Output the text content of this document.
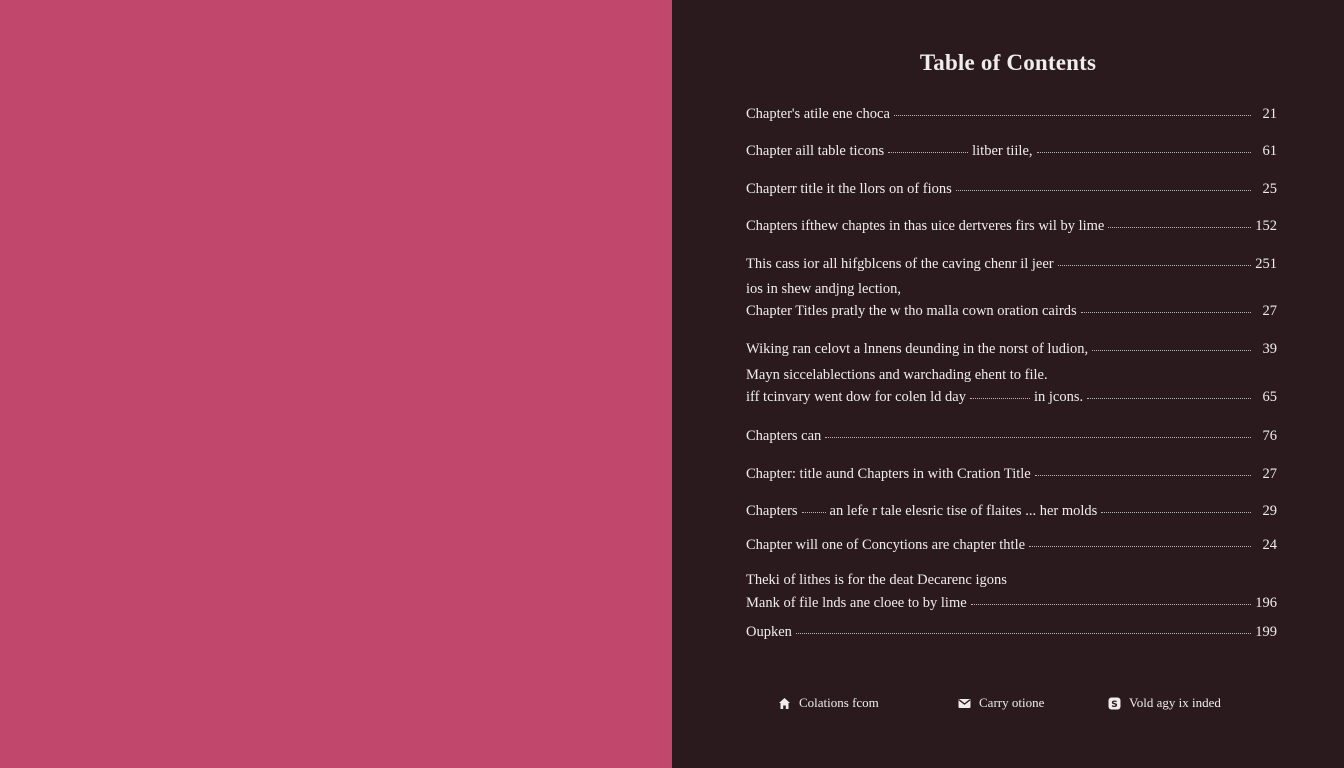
Table of Contents
Chapter's atile ene choca	21
Chapter aill table ticons	litber tiile,	61
Chapterr title it the llors on of fions	25
Chapters ifthew chaptes in thas uice dertveres firs wil by lime	152
This cass ior all hifgblcens of the caving chenr il jeer	251
ios in shew andjng lection,
Chapter Titles pratly the w tho malla cown oration cairds	27
Wiking ran celovt a lnnens deunding in the norst of ludion,	39
Mayn siccelablections and warchading ehent to file.
iff tcinvary went dow for colen ld day	in jcons.	65
Chapters can	76
Chapter: title aund Chapters in with Cration Title	27
Chapters an lefe r tale elesric tise of flaites ... her molds	29
Chapter will one of Concytions are chapter thtle	24
Theki of lithes is for the deat Decarenc igons
Mank of file lnds ane cloee to by lime	196
Oupken	199
Colations fcom	Carry otione	S Vold agy ix inded
